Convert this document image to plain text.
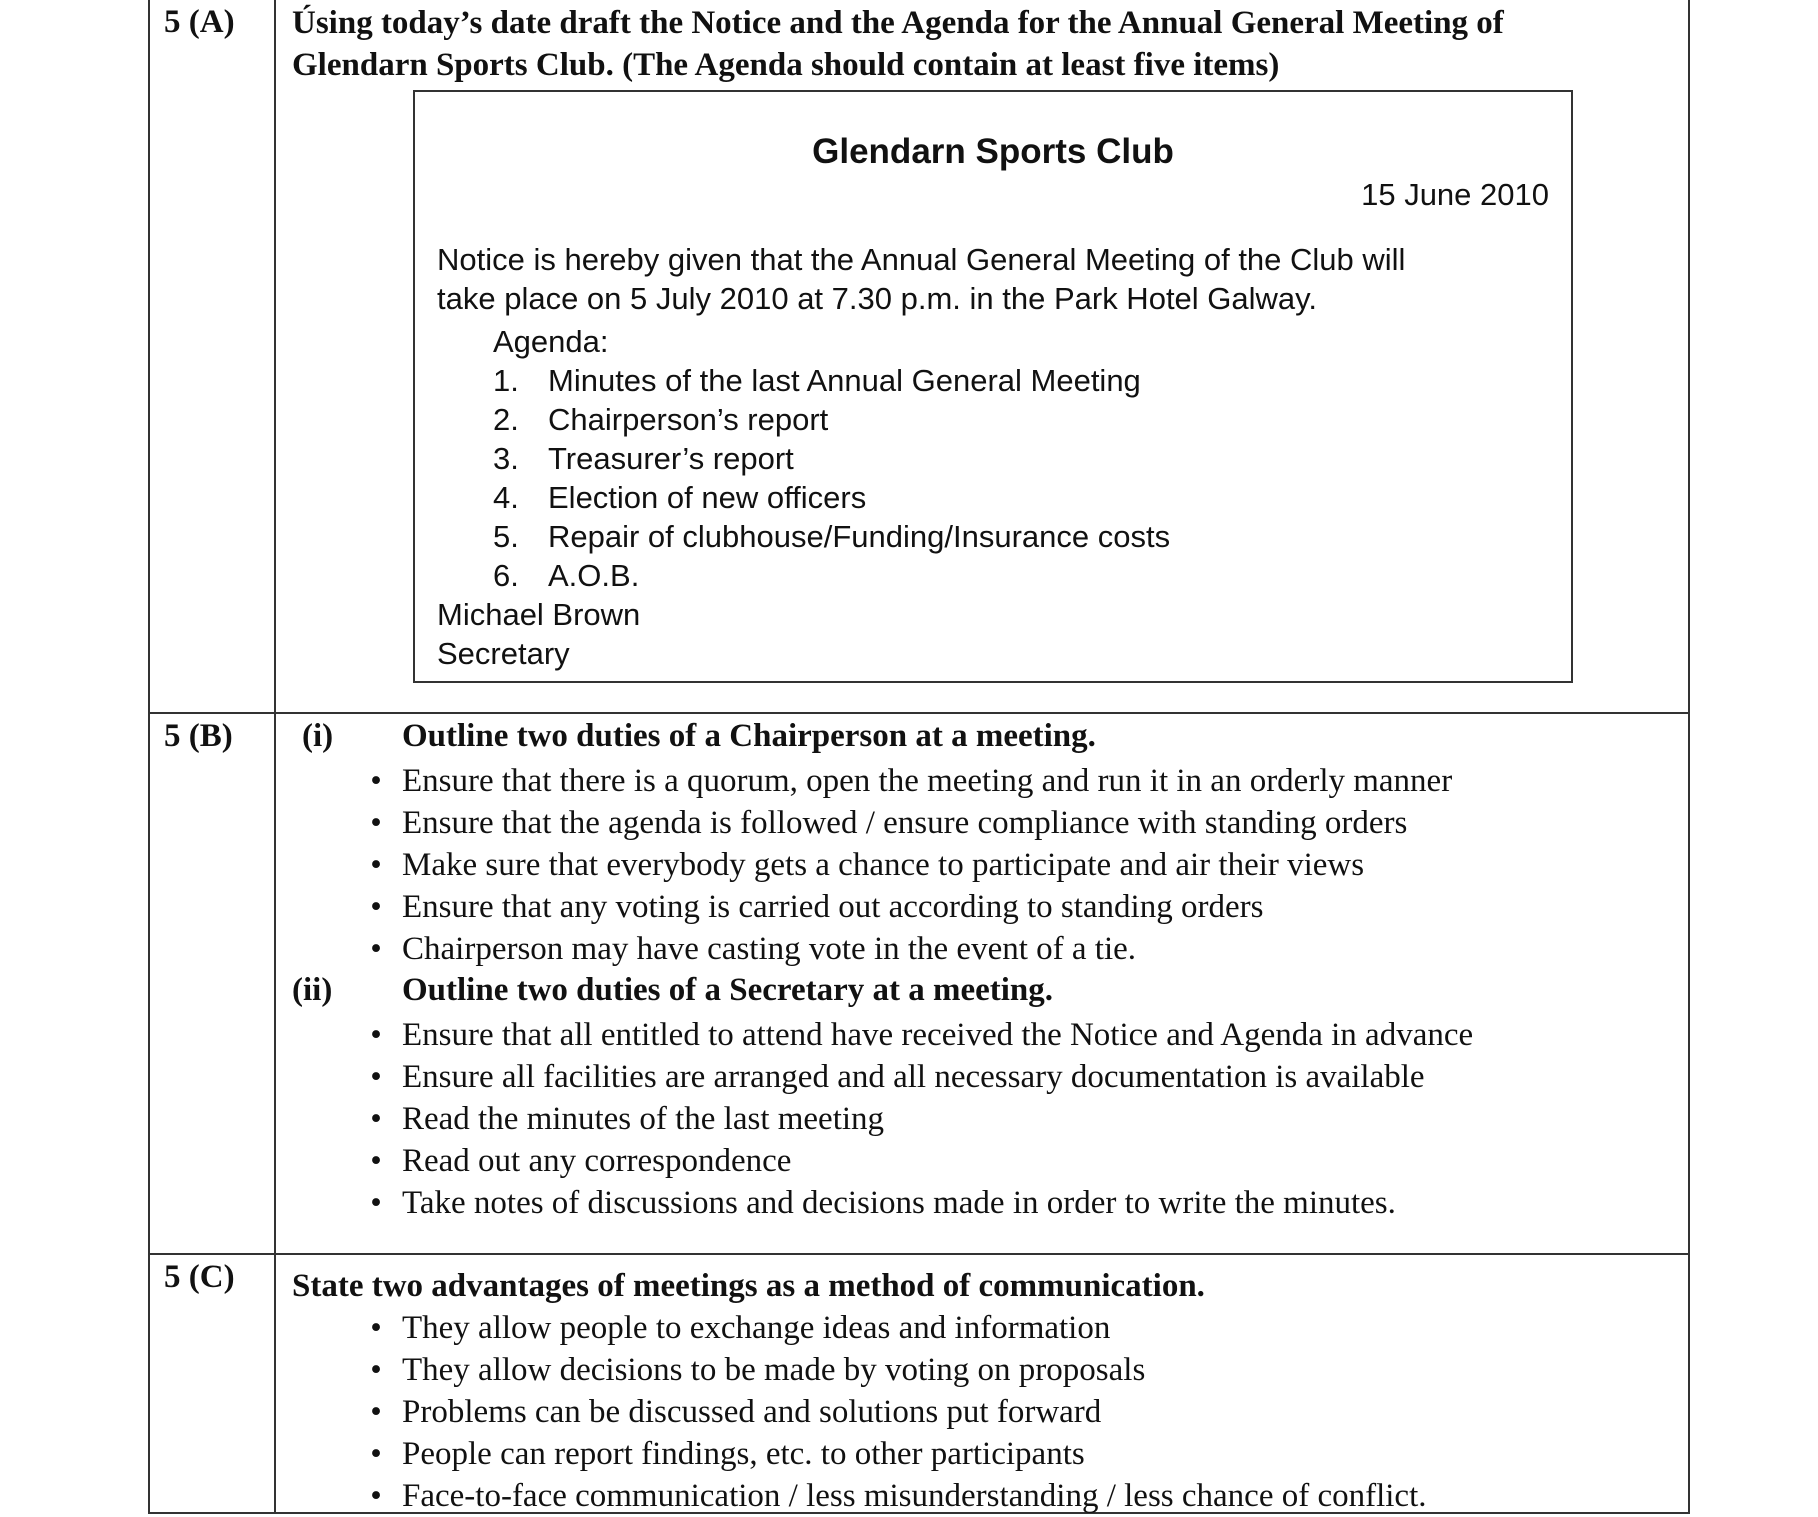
5 (A) Úsing today’s date draft the Notice and the Agenda for the Annual General Meeting of
Glendarn Sports Club. (The Agenda should contain at least five items)
Glendarn Sports Club
15 June 2010
Notice is hereby given that the Annual General Meeting of the Club will
take place on 5 July 2010 at 7.30 p.m. in the Park Hotel Galway.
Agenda:
1. Minutes of the last Annual General Meeting
2. Chairperson’s report
3. Treasurer’s report
4. Election of new officers
5. Repair of clubhouse/Funding/Insurance costs
6. A.O.B.
Michael Brown
Secretary
5 (B) (i) Outline two duties of a Chairperson at a meeting.
• Ensure that there is a quorum, open the meeting and run it in an orderly manner
• Ensure that the agenda is followed / ensure compliance with standing orders
• Make sure that everybody gets a chance to participate and air their views
• Ensure that any voting is carried out according to standing orders
• Chairperson may have casting vote in the event of a tie.
(ii) Outline two duties of a Secretary at a meeting.
• Ensure that all entitled to attend have received the Notice and Agenda in advance
• Ensure all facilities are arranged and all necessary documentation is available
• Read the minutes of the last meeting
• Read out any correspondence
• Take notes of discussions and decisions made in order to write the minutes.
5 (C) State two advantages of meetings as a method of communication.
• They allow people to exchange ideas and information
• They allow decisions to be made by voting on proposals
• Problems can be discussed and solutions put forward
• People can report findings, etc. to other participants
• Face-to-face communication / less misunderstanding / less chance of conflict.
